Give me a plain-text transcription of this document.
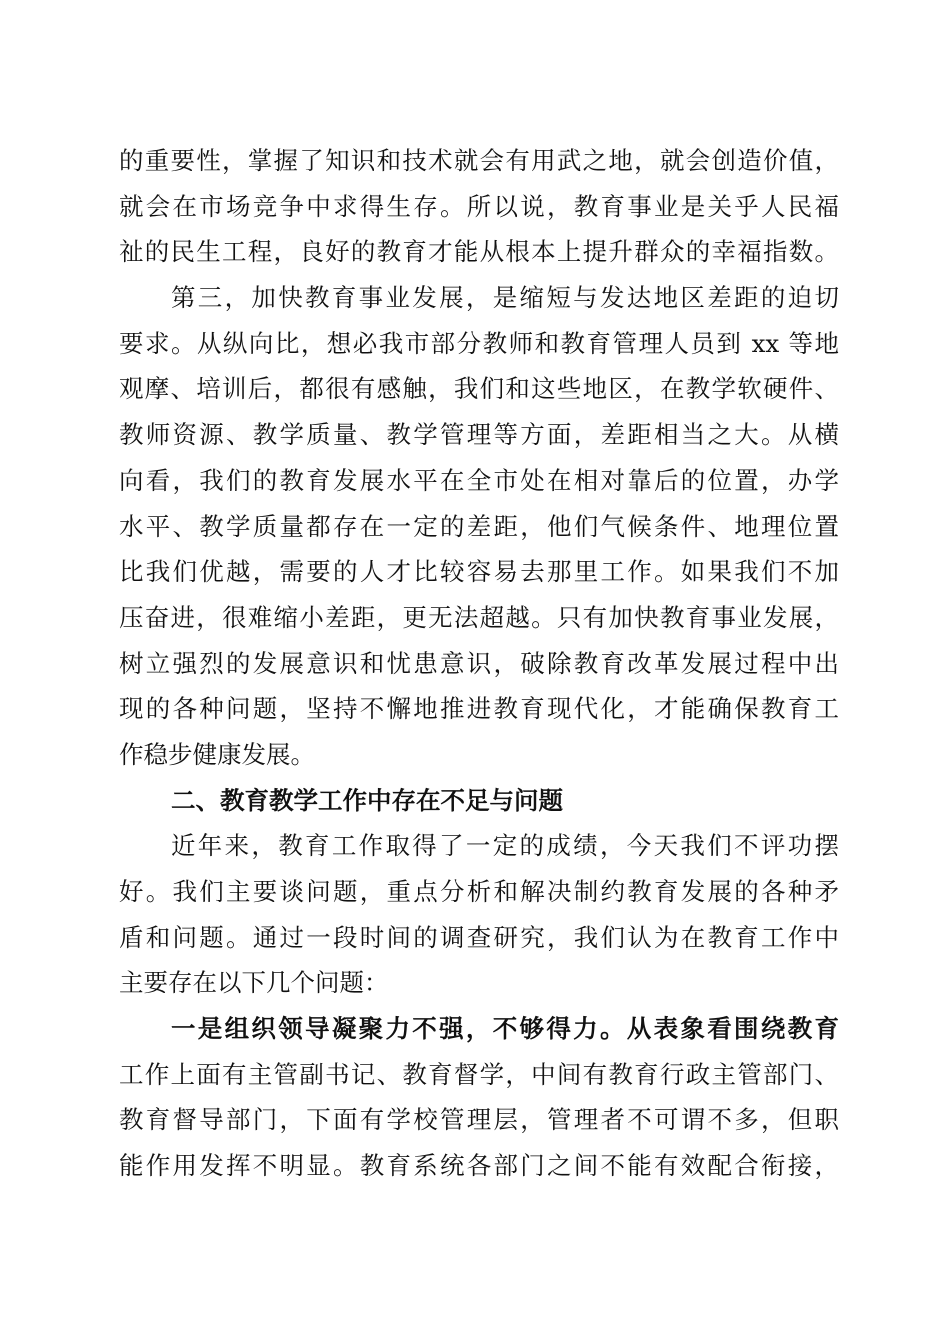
的重要性，掌握了知识和技术就会有用武之地，就会创造价值，
就会在市场竞争中求得生存。所以说，教育事业是关乎人民福
祉的民生工程，良好的教育才能从根本上提升群众的幸福指数。
第三，加快教育事业发展，是缩短与发达地区差距的迫切
要求。从纵向比，想必我市部分教师和教育管理人员到 xx 等地
观摩、培训后，都很有感触，我们和这些地区，在教学软硬件、
教师资源、教学质量、教学管理等方面，差距相当之大。从横
向看，我们的教育发展水平在全市处在相对靠后的位置，办学
水平、教学质量都存在一定的差距，他们气候条件、地理位置
比我们优越，需要的人才比较容易去那里工作。如果我们不加
压奋进，很难缩小差距，更无法超越。只有加快教育事业发展，
树立强烈的发展意识和忧患意识，破除教育改革发展过程中出
现的各种问题，坚持不懈地推进教育现代化，才能确保教育工
作稳步健康发展。
二、教育教学工作中存在不足与问题
近年来，教育工作取得了一定的成绩，今天我们不评功摆
好。我们主要谈问题，重点分析和解决制约教育发展的各种矛
盾和问题。通过一段时间的调查研究，我们认为在教育工作中
主要存在以下几个问题：
一是组织领导凝聚力不强，不够得力。从表象看围绕教育
工作上面有主管副书记、教育督学，中间有教育行政主管部门、
教育督导部门，下面有学校管理层，管理者不可谓不多，但职
能作用发挥不明显。教育系统各部门之间不能有效配合衔接，
